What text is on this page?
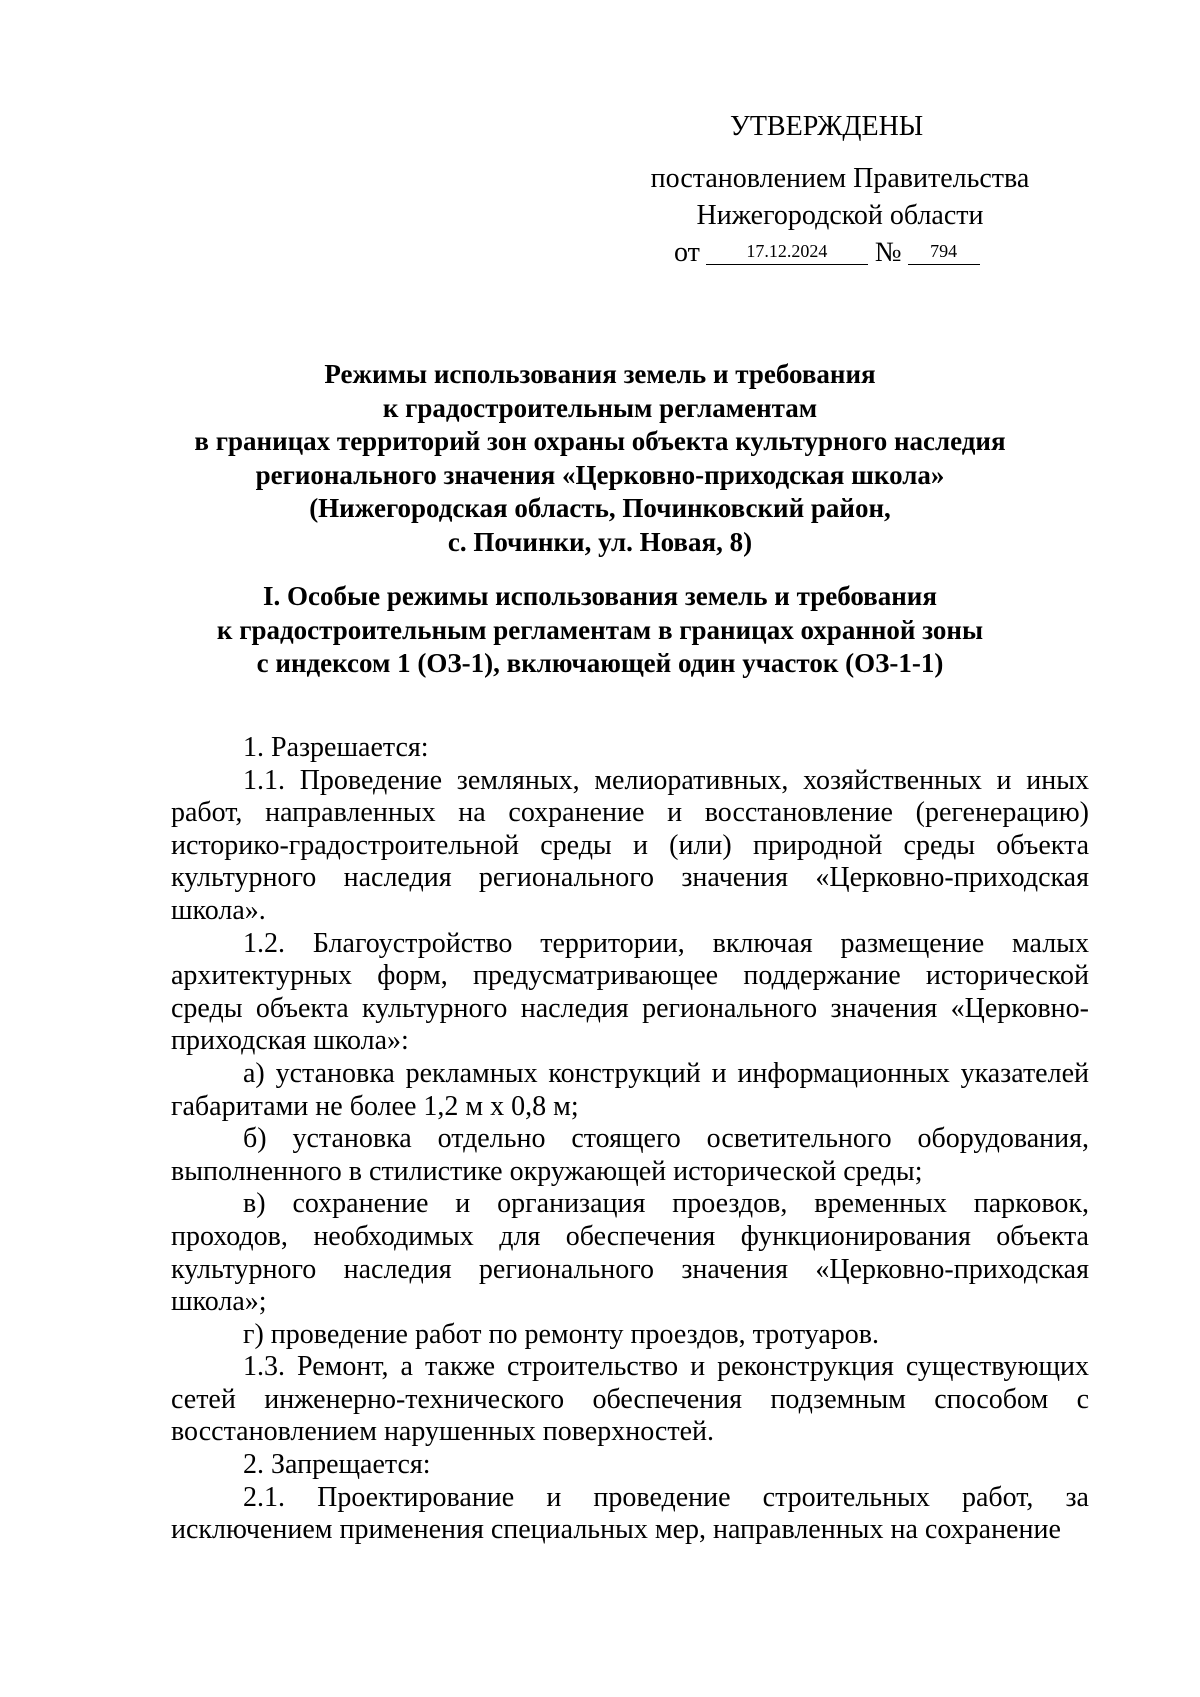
УТВЕРЖДЕНЫ
постановлением Правительства
Нижегородской области
от	17.12.2024 № 794
Режимы использования земель и требования
к градостроительным регламентам
в границах территорий зон охраны объекта культурного наследия
регионального значения «Церковно-приходская школа»
(Нижегородская область, Починковский район,
с. Починки, ул. Новая, 8)
I. Особые режимы использования земель и требования
к градостроительным регламентам в границах охранной зоны
с индексом 1 (ОЗ-1), включающей один участок (ОЗ-1-1)

1. Разрешается:

1.1. Проведение земляных, мелиоративных, хозяйственных и иных работ, направленных на сохранение и восстановление (регенерацию) историко-градостроительной среды и (или) природной среды объекта культурного наследия регионального значения «Церковно-приходская школа».

1.2. Благоустройство территории, включая размещение малых архитектурных форм, предусматривающее поддержание исторической среды объекта культурного наследия регионального значения «Церковно-приходская школа»:

а) установка рекламных конструкций и информационных указателей габаритами не более 1,2 м х 0,8 м;

б) установка отдельно стоящего осветительного оборудования, выполненного в стилистике окружающей исторической среды;

в) сохранение и организация проездов, временных парковок, проходов, необходимых для обеспечения функционирования объекта культурного наследия регионального значения «Церковно-приходская школа»;

г) проведение работ по ремонту проездов, тротуаров.

1.3. Ремонт, а также строительство и реконструкция существующих сетей инженерно-технического обеспечения подземным способом с восстановлением нарушенных поверхностей.

2. Запрещается:

2.1. Проектирование и проведение строительных работ, за исключением применения специальных мер, направленных на сохранение
